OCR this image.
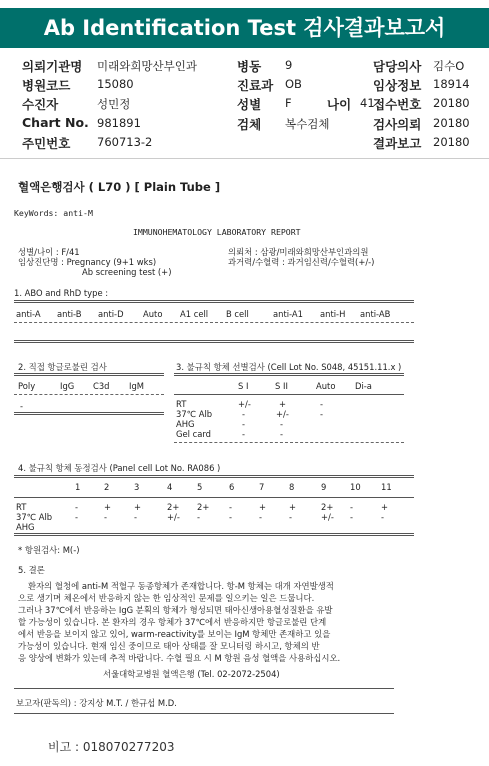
Ab Identification Test 검사결과보고서
의뢰기관명 미래와희망산부인과	병동 9	담당의사 김수O
병원코드 15080	진료과 OB	임상정보 18914
수진자	성민정	성별 F	나이 41
접수번호 20180
Chart No. 981891	검체 복수검체	검사의뢰 20180
주민번호 760713-2	결과보고 20180
혈액은행검사 ( L70 ) [ Plain Tube ]
KeyWords: anti-M
IMMUNOHEMATOLOGY LABORATORY REPORT
성별/나이 : F/41
임상진단명 : Pregnancy (9+1 wks)
Ab screening test (+)
의뢰처 : 삼광/미래와희망산부인과의원
과거력/수혈력 : 과거임신력/수혈력(+/-)
1. ABO and RhD type :
anti-A anti-B anti-D Auto A1 cell B cell	anti-A1 anti-H anti-AB
2. 직접 항글로불린 검사
Poly	IgG C3d IgM
-
3. 불규칙 항체 선별검사 (Cell Lot No. S048, 45151.11.x )
S I	S II	Auto Di-a
RT	+/-	+	-
37℃ Alb	-	+/-	-
AHG	-	-
Gel card	-	-
4. 불규칙 항체 동정검사 (Panel cell Lot No. RA086 )
1	2	3	4	5	6	7	8	9	10 11
RT	-	+	+	2+ 2+ -	+	+	2+ -	+
37℃ Alb	-	-	-	+/- -	-	-	-	+/- -	-
AHG
* 항원검사: M(-)
5. 결론
환자의 혈청에 anti-M 적혈구 동종항체가 존재합니다. 항-M 항체는 대개 자연발생적
으로 생기며 체온에서 반응하지 않는 한 임상적인 문제를 일으키는 일은 드뭅니다.
그러나 37℃에서 반응하는 IgG 분획의 항체가 형성되면 태아신생아용혈성질환을 유발
할 가능성이 있습니다. 본 환자의 경우 항체가 37℃에서 반응하지만 항글로불린 단계
에서 반응을 보이지 않고 있어, warm-reactivity를 보이는 IgM 항체만 존재하고 있을
가능성이 있습니다. 현재 임신 중이므로 태아 상태를 잘 모니터링 하시고, 항체의 반
응 양상에 변화가 있는데 추적 바랍니다. 수혈 필요 시 M 항원 음성 혈액을 사용하십시오.
서울대학교병원 혈액은행 (Tel. 02-2072-2504)
보고자(판독의) : 강지상 M.T. / 한규섭 M.D.
비고 : 018070277203
